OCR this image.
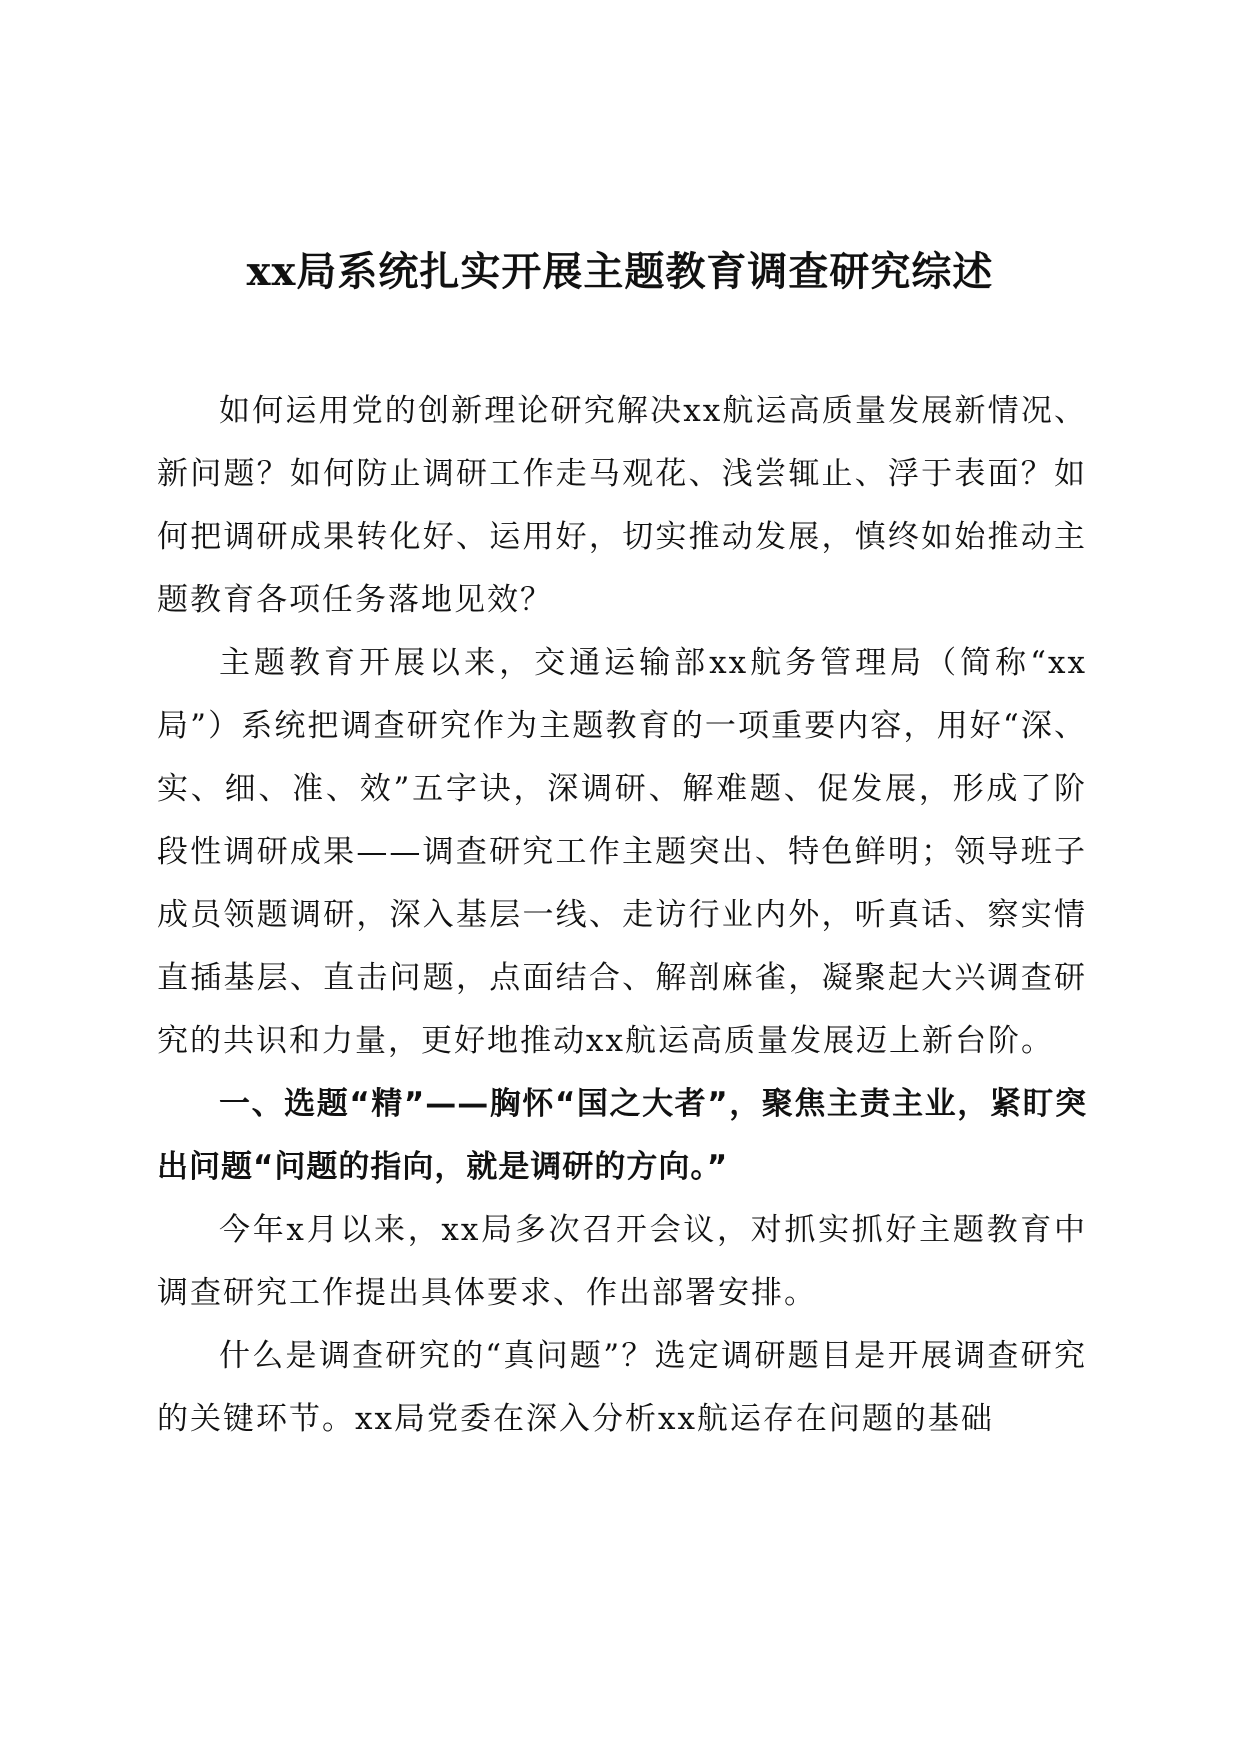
xx局系统扎实开展主题教育调查研究综述

如何运用党的创新理论研究解决xx航运高质量发展新情况、新问题？如何防止调研工作走马观花、浅尝辄止、浮于表面？如何把调研成果转化好、运用好，切实推动发展，慎终如始推动主题教育各项任务落地见效？

主题教育开展以来，交通运输部xx航务管理局（简称“xx局”）系统把调查研究作为主题教育的一项重要内容，用好“深、实、细、准、效”五字诀，深调研、解难题、促发展，形成了阶段性调研成果——调查研究工作主题突出、特色鲜明；领导班子成员领题调研，深入基层一线、走访行业内外，听真话、察实情直插基层、直击问题，点面结合、解剖麻雀，凝聚起大兴调查研究的共识和力量，更好地推动xx航运高质量发展迈上新台阶。

一、选题“精”——胸怀“国之大者”，聚焦主责主业，紧盯突出问题“问题的指向，就是调研的方向。”

今年x月以来，xx局多次召开会议，对抓实抓好主题教育中调查研究工作提出具体要求、作出部署安排。

什么是调查研究的“真问题”？选定调研题目是开展调查研究的关键环节。xx局党委在深入分析xx航运存在问题的基础
